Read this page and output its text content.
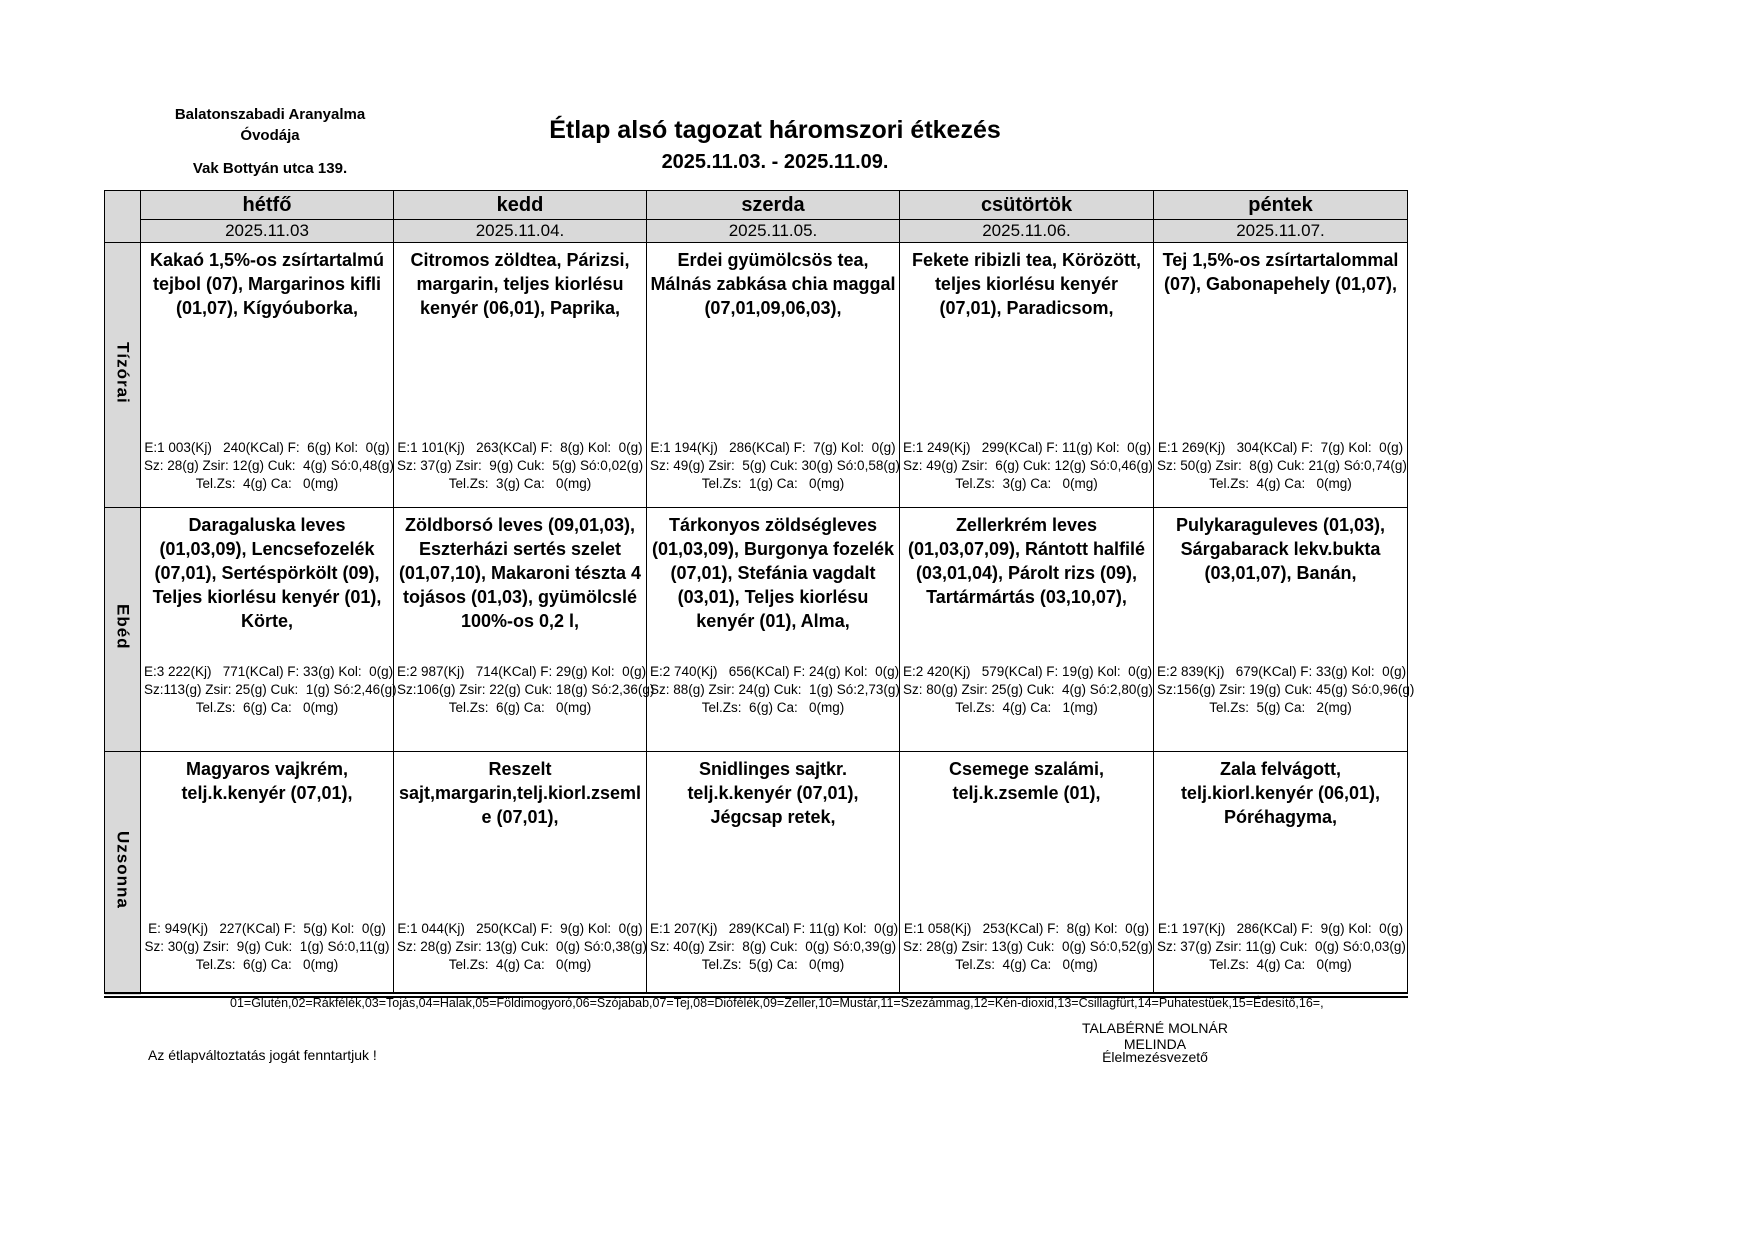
Balatonszabadi Aranyalma
Óvodája
Vak Bottyán utca 139.
Étlap alsó tagozat háromszori étkezés
2025.11.03. - 2025.11.09.
	hétfő	kedd	szerda	csütörtök	péntek
	2025.11.03	2025.11.04.	2025.11.05.	2025.11.06.	2025.11.07.
Tízórai	
Kakaó 1,5%-os zsírtartalmú tejbol (07), Margarinos kifli (01,07), Kígyóuborka,
E:1 003(Kj)   240(KCal) F:  6(g) Kol:  0(g)
Sz: 28(g) Zsir: 12(g) Cuk:  4(g) Só:0,48(g)
Tel.Zs:  4(g) Ca:   0(mg)

Citromos zöldtea, Párizsi, margarin, teljes kiorlésu kenyér (06,01), Paprika,
E:1 101(Kj)   263(KCal) F:  8(g) Kol:  0(g)
Sz: 37(g) Zsir:  9(g) Cuk:  5(g) Só:0,02(g)
Tel.Zs:  3(g) Ca:   0(mg)

Erdei gyümölcsös tea, Málnás zabkása chia maggal (07,01,09,06,03),
E:1 194(Kj)   286(KCal) F:  7(g) Kol:  0(g)
Sz: 49(g) Zsir:  5(g) Cuk: 30(g) Só:0,58(g)
Tel.Zs:  1(g) Ca:   0(mg)

Fekete ribizli tea, Körözött, teljes kiorlésu kenyér (07,01), Paradicsom,
E:1 249(Kj)   299(KCal) F: 11(g) Kol:  0(g)
Sz: 49(g) Zsir:  6(g) Cuk: 12(g) Só:0,46(g)
Tel.Zs:  3(g) Ca:   0(mg)

Tej 1,5%-os zsírtartalommal (07), Gabonapehely (01,07),
E:1 269(Kj)   304(KCal) F:  7(g) Kol:  0(g)
Sz: 50(g) Zsir:  8(g) Cuk: 21(g) Só:0,74(g)
Tel.Zs:  4(g) Ca:   0(mg)

Ebéd	
Daragaluska leves (01,03,09), Lencsefozelék (07,01), Sertéspörkölt (09), Teljes kiorlésu kenyér (01), Körte,
E:3 222(Kj)   771(KCal) F: 33(g) Kol:  0(g)
Sz:113(g) Zsir: 25(g) Cuk:  1(g) Só:2,46(g)
Tel.Zs:  6(g) Ca:   0(mg)

Zöldborsó leves (09,01,03), Eszterházi sertés szelet (01,07,10), Makaroni tészta 4 tojásos (01,03), gyümölcslé 100%-os 0,2 l,
E:2 987(Kj)   714(KCal) F: 29(g) Kol:  0(g)
Sz:106(g) Zsir: 22(g) Cuk: 18(g) Só:2,36(g)
Tel.Zs:  6(g) Ca:   0(mg)

Tárkonyos zöldségleves (01,03,09), Burgonya fozelék (07,01), Stefánia vagdalt (03,01), Teljes kiorlésu kenyér (01), Alma,
E:2 740(Kj)   656(KCal) F: 24(g) Kol:  0(g)
Sz: 88(g) Zsir: 24(g) Cuk:  1(g) Só:2,73(g)
Tel.Zs:  6(g) Ca:   0(mg)

Zellerkrém leves (01,03,07,09), Rántott halfilé (03,01,04), Párolt rizs (09), Tartármártás (03,10,07),
E:2 420(Kj)   579(KCal) F: 19(g) Kol:  0(g)
Sz: 80(g) Zsir: 25(g) Cuk:  4(g) Só:2,80(g)
Tel.Zs:  4(g) Ca:   1(mg)

Pulykaraguleves (01,03), Sárgabarack lekv.bukta (03,01,07), Banán,
E:2 839(Kj)   679(KCal) F: 33(g) Kol:  0(g)
Sz:156(g) Zsir: 19(g) Cuk: 45(g) Só:0,96(g)
Tel.Zs:  5(g) Ca:   2(mg)

Uzsonna	
Magyaros vajkrém, telj.k.kenyér (07,01),
E: 949(Kj)   227(KCal) F:  5(g) Kol:  0(g)
Sz: 30(g) Zsir:  9(g) Cuk:  1(g) Só:0,11(g)
Tel.Zs:  6(g) Ca:   0(mg)

Reszelt sajt,margarin,telj.kiorl.zsemle (07,01),
E:1 044(Kj)   250(KCal) F:  9(g) Kol:  0(g)
Sz: 28(g) Zsir: 13(g) Cuk:  0(g) Só:0,38(g)
Tel.Zs:  4(g) Ca:   0(mg)

Snidlinges sajtkr. telj.k.kenyér (07,01), Jégcsap retek,
E:1 207(Kj)   289(KCal) F: 11(g) Kol:  0(g)
Sz: 40(g) Zsir:  8(g) Cuk:  0(g) Só:0,39(g)
Tel.Zs:  5(g) Ca:   0(mg)

Csemege szalámi, telj.k.zsemle (01),
E:1 058(Kj)   253(KCal) F:  8(g) Kol:  0(g)
Sz: 28(g) Zsir: 13(g) Cuk:  0(g) Só:0,52(g)
Tel.Zs:  4(g) Ca:   0(mg)

Zala felvágott, telj.kiorl.kenyér (06,01), Póréhagyma,
E:1 197(Kj)   286(KCal) F:  9(g) Kol:  0(g)
Sz: 37(g) Zsir: 11(g) Cuk:  0(g) Só:0,03(g)
Tel.Zs:  4(g) Ca:   0(mg)
01=Glutén,02=Rákfélék,03=Tojás,04=Halak,05=Földimogyoró,06=Szójabab,07=Tej,08=Diófélék,09=Zeller,10=Mustár,11=Szezámmag,12=Kén-dioxid,13=Csillagfürt,14=Puhatestüek,15=Édesítő,16=,
TALABÉRNÉ MOLNÁR MELINDA
Élelmezésvezető
Az étlapváltoztatás jogát fenntartjuk !
